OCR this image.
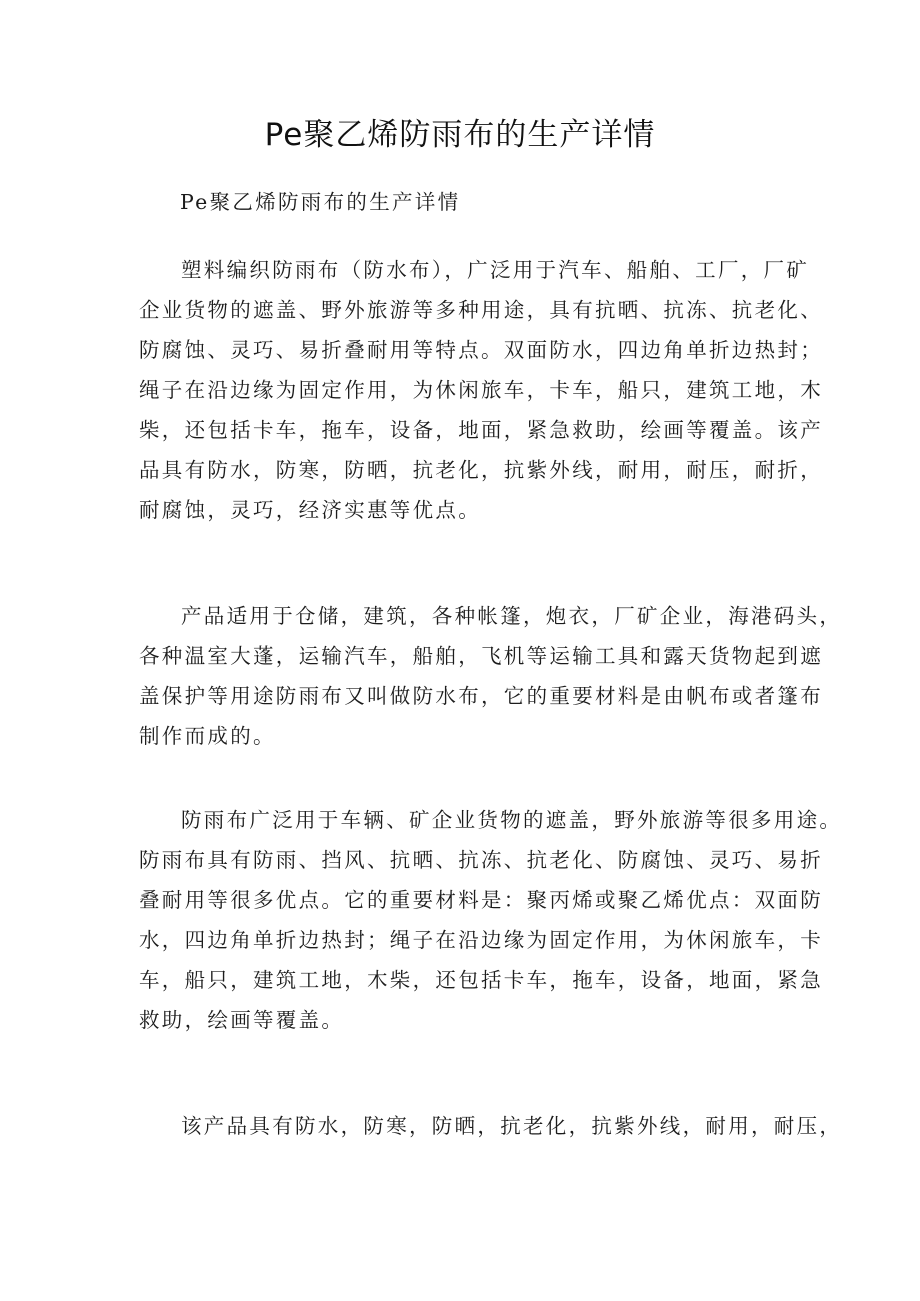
Pe聚乙烯防雨布的生产详情

Pe聚乙烯防雨布的生产详情

塑料编织防雨布（防水布），广泛用于汽车、船舶、工厂，厂矿
企业货物的遮盖、野外旅游等多种用途，具有抗晒、抗冻、抗老化、
防腐蚀、灵巧、易折叠耐用等特点。双面防水，四边角单折边热封；
绳子在沿边缘为固定作用，为休闲旅车，卡车，船只，建筑工地，木
柴，还包括卡车，拖车，设备，地面，紧急救助，绘画等覆盖。该产
品具有防水，防寒，防晒，抗老化，抗紫外线，耐用，耐压，耐折，
耐腐蚀，灵巧，经济实惠等优点。
产品适用于仓储，建筑，各种帐篷，炮衣，厂矿企业，海港码头，
各种温室大蓬，运输汽车，船舶，飞机等运输工具和露天货物起到遮
盖保护等用途防雨布又叫做防水布，它的重要材料是由帆布或者篷布
制作而成的。
防雨布广泛用于车辆、矿企业货物的遮盖，野外旅游等很多用途。
防雨布具有防雨、挡风、抗晒、抗冻、抗老化、防腐蚀、灵巧、易折
叠耐用等很多优点。它的重要材料是：聚丙烯或聚乙烯优点：双面防
水，四边角单折边热封；绳子在沿边缘为固定作用，为休闲旅车，卡
车，船只，建筑工地，木柴，还包括卡车，拖车，设备，地面，紧急
救助，绘画等覆盖。
该产品具有防水，防寒，防晒，抗老化，抗紫外线，耐用，耐压，
